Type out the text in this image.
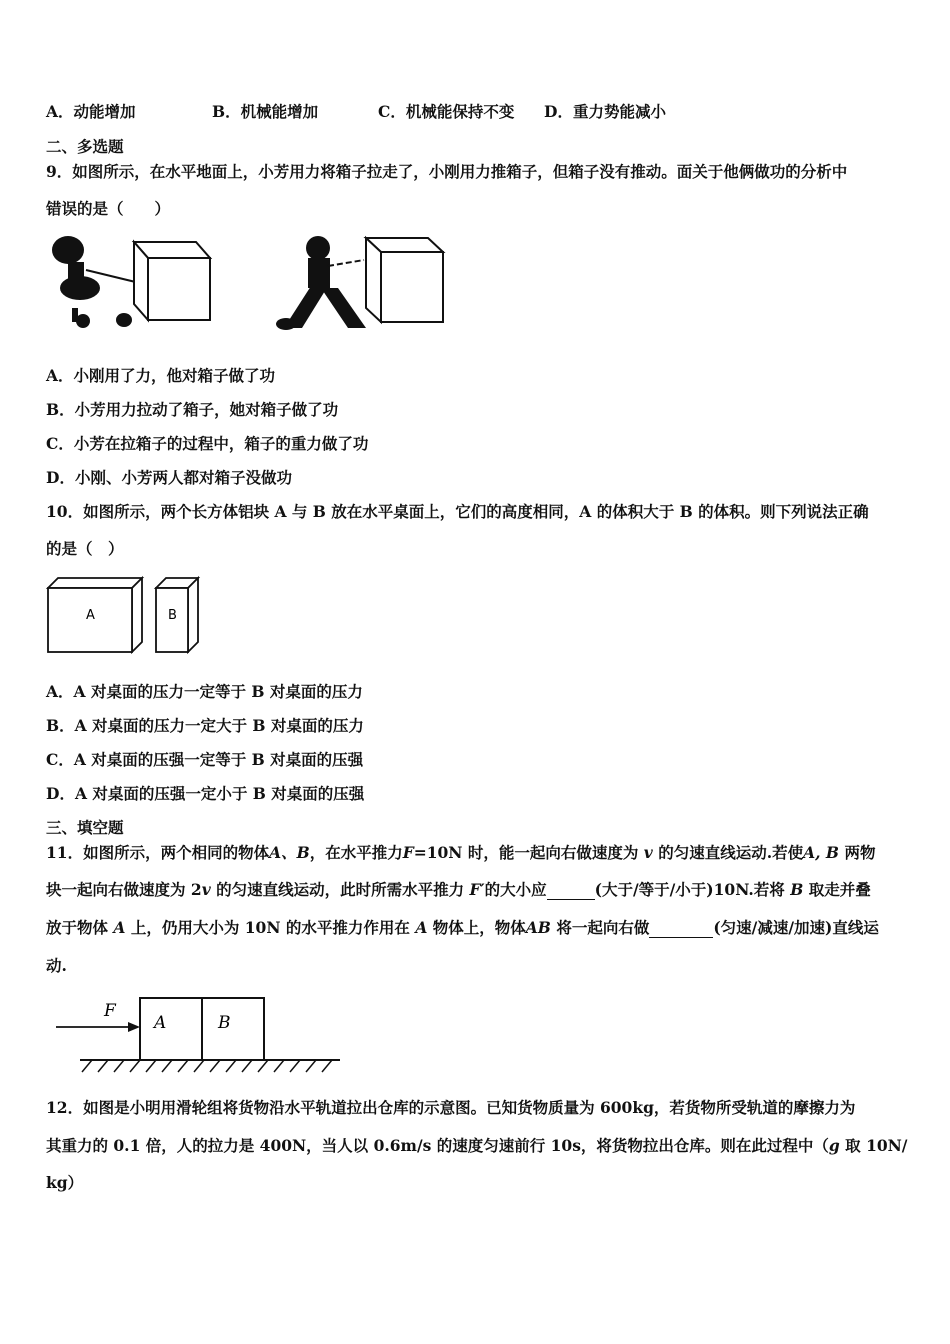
A．动能增加	B．机械能增加	C．机械能保持不变 D．重力势能减小
二、多选题
9．如图所示，在水平地面上，小芳用力将箱子拉走了，小刚用力推箱子，但箱子没有推动。面关于他俩做功的分析中
错误的是（　　）
A．小刚用了力，他对箱子做了功
B．小芳用力拉动了箱子，她对箱子做了功
C．小芳在拉箱子的过程中，箱子的重力做了功
D．小刚、小芳两人都对箱子没做功
10．如图所示，两个长方体铝块 A 与 B 放在水平桌面上，它们的高度相同，A 的体积大于 B 的体积。则下列说法正确
的是（　）
A	B
A．A 对桌面的压力一定等于 B 对桌面的压力
B．A 对桌面的压力一定大于 B 对桌面的压力
C．A 对桌面的压强一定等于 B 对桌面的压强
D．A 对桌面的压强一定小于 B 对桌面的压强
三、填空题
11．如图所示，两个相同的物体A、B，在水平推力F=10N 时，能一起向右做速度为 v 的匀速直线运动.若使A, B 两物
块一起向右做速度为 2v 的匀速直线运动，此时所需水平推力 F′的大小应	(大于/等于/小于)10N.若将 B 取走并叠
放于物体 A 上，仍用大小为 10N 的水平推力作用在 A 物体上，物体AB 将一起向右做	(匀速/减速/加速)直线运
动.
F
A	B
12．如图是小明用滑轮组将货物沿水平轨道拉出仓库的示意图。已知货物质量为 600kg，若货物所受轨道的摩擦力为
其重力的 0.1 倍，人的拉力是 400N，当人以 0.6m/s 的速度匀速前行 10s，将货物拉出仓库。则在此过程中（g 取 10N/
kg）
